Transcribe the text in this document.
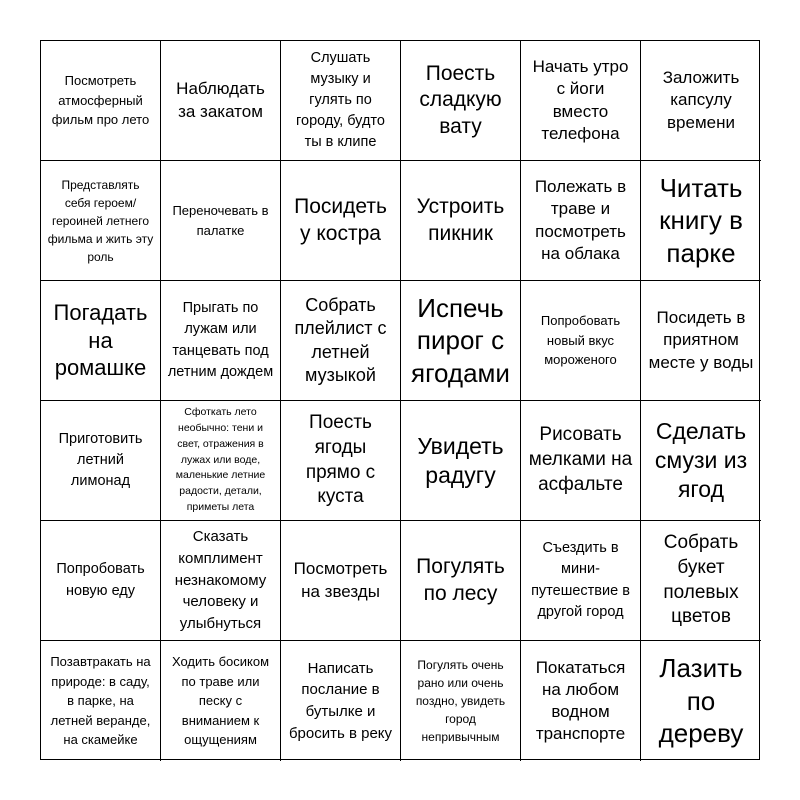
Посмотреть атмосферный фильм про лето
Наблюдать за закатом
Слушать музыку и гулять по городу, будто ты в клипе
Поесть сладкую вату
Начать утро с йоги вместо телефона
Заложить капсулу времени
Представлять себя героем/ героиней летнего фильма и жить эту роль
Переночевать в палатке
Посидеть у костра
Устроить пикник
Полежать в траве и посмотреть на облака
Читать книгу в парке
Погадать на ромашке
Прыгать по лужам или танцевать под летним дождем
Собрать плейлист с летней музыкой
Испечь пирог с ягодами
Попробовать новый вкус мороженого
Посидеть в приятном месте у воды
Приготовить летний лимонад
Сфоткать лето необычно: тени и свет, отражения в лужах или воде, маленькие летние радости, детали, приметы лета
Поесть ягоды прямо с куста
Увидеть радугу
Рисовать мелками на асфальте
Сделать смузи из ягод
Попробовать новую еду
Сказать комплимент незнакомому человеку и улыбнуться
Посмотреть на звезды
Погулять по лесу
Съездить в мини-путешествие в другой город
Собрать букет полевых цветов
Позавтракать на природе: в саду, в парке, на летней веранде, на скамейке
Ходить босиком по траве или песку с вниманием к ощущениям
Написать послание в бутылке и бросить в реку
Погулять очень рано или очень поздно, увидеть город непривычным
Покататься на любом водном транспорте
Лазить по дереву
